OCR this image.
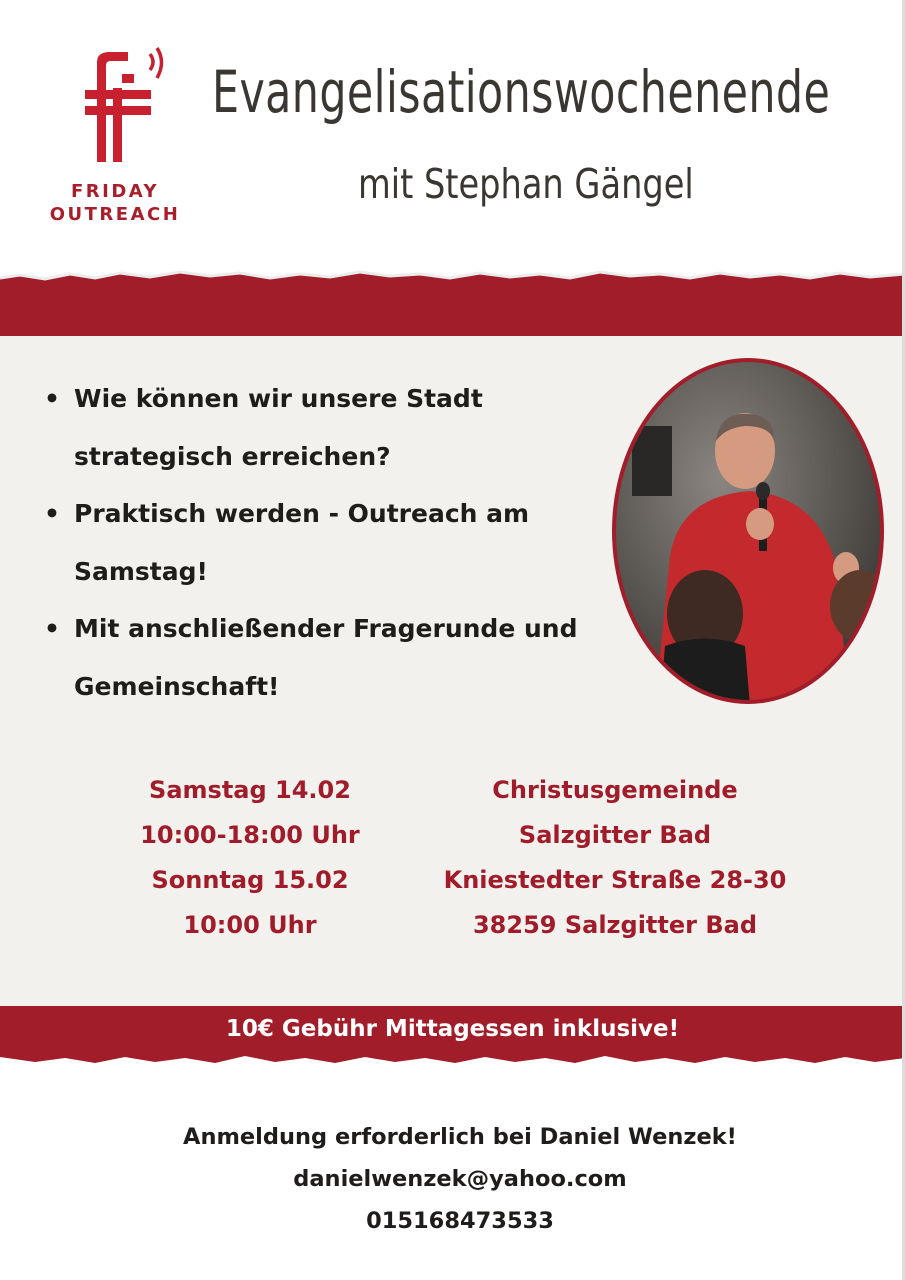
FRIDAY
OUTREACH
Evangelisationswochenende
mit Stephan Gängel
• Wie können wir unsere Stadt strategisch erreichen?
• Praktisch werden - Outreach am Samstag!
• Mit anschließender Fragerunde und Gemeinschaft!
Samstag 14.02
10:00-18:00 Uhr
Sonntag 15.02
10:00 Uhr
Christusgemeinde
Salzgitter Bad
Kniestedter Straße 28-30
38259 Salzgitter Bad
10€ Gebühr Mittagessen inklusive!
Anmeldung erforderlich bei Daniel Wenzek!
danielwenzek@yahoo.com
015168473533
